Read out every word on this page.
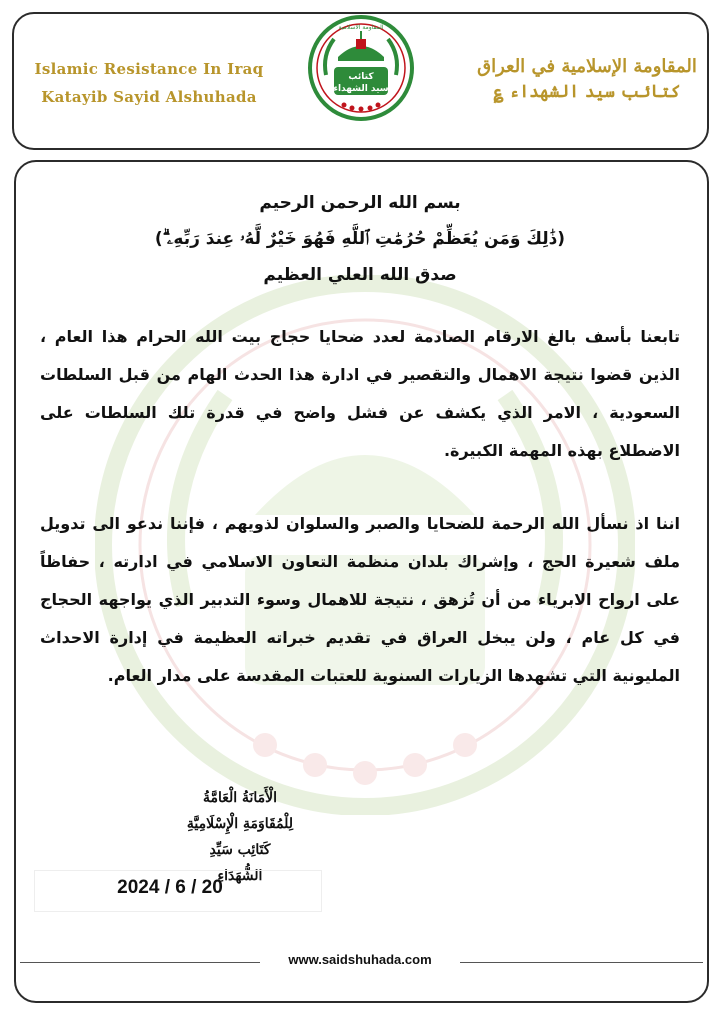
Islamic Resistance In Iraq
Katayib Sayid Alshuhada
المقاومة الإسلامية في العراق
كتائب سيد الشهداء ؏
كتائب
سيد الشهداء
المقاومة الاسلامية
بسم الله الرحمن الرحيم
(ذَٰلِكَ وَمَن يُعَظِّمْ حُرُمَٰتِ ٱللَّهِ فَهُوَ خَيْرٌ لَّهُۥ عِندَ رَبِّهِۦ ۗ)
صدق الله العلي العظيم
تابعنا بأسف بالغ الارقام الصادمة لعدد ضحايا حجاج بيت الله الحرام هذا العام ، الذين قضوا نتيجة الاهمال والتقصير في ادارة هذا الحدث الهام من قبل السلطات السعودية ، الامر الذي يكشف عن فشل واضح في قدرة تلك السلطات على الاضطلاع بهذه المهمة الكبيرة.
اننا اذ نسأل الله الرحمة للضحايا والصبر والسلوان لذويهم ، فإننا ندعو الى تدويل ملف شعيرة الحج ، وإشراك بلدان منظمة التعاون الاسلامي في ادارته ، حفاظاً على ارواح الابرياء من أن تُزهق ، نتيجة للاهمال وسوء التدبير الذي يواجهه الحجاج في كل عام ، ولن يبخل العراق في تقديم خبراته العظيمة في إدارة الاحداث المليونية التي تشهدها الزيارات السنوية للعتبات المقدسة على مدار العام.
الْأَمَانَةُ الْعَامَّةُ
لِلْمُقَاوَمَةِ الْإِسْلَامِيَّةِ
كَتَائِب سَيِّدِ الشُّهَدَاءِ
2024 / 6 / 20
www.saidshuhada.com
